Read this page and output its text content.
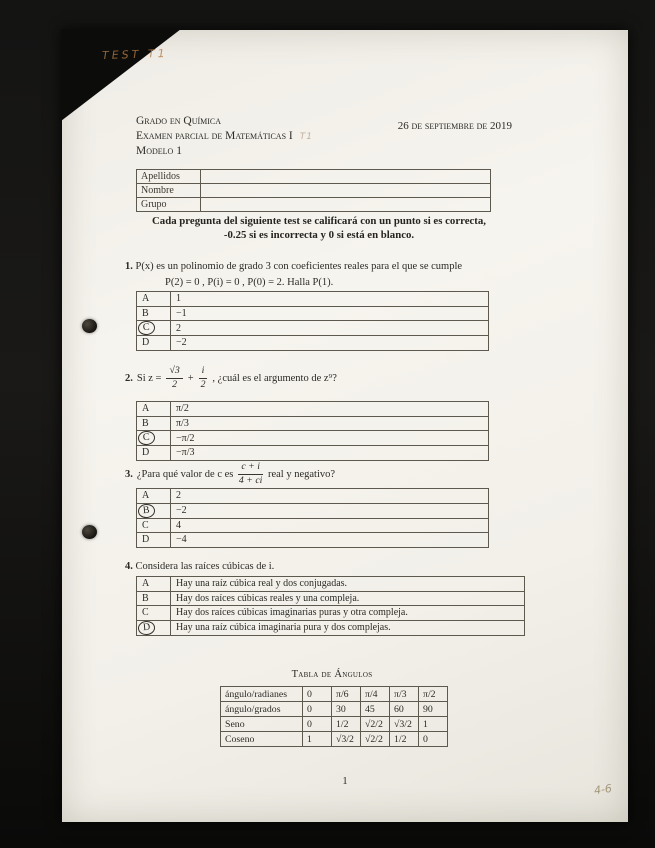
TEST T1
Grado en Química
Examen parcial de Matemáticas I T1
Modelo 1
26 de septiembre de 2019
Apellidos	
Nombre	
Grupo	
Cada pregunta del siguiente test se calificará con un punto si es correcta,
-0.25 si es incorrecta y 0 si está en blanco.
1. P(x) es un polinomio de grado 3 con coeficientes reales para el que se cumple
P(2) = 0 , P(i) = 0 , P(0) = 2. Halla P(1).
A	1
B	−1
C	2
D	−2
2. Si $z = \frac{√3}{2} + \frac{i}{2}$ , ¿cuál es el argumento de z⁹?
A	π/2
B	π/3
C	−π/2
D	−π/3
3. ¿Para qué valor de c es $\frac{c + i}{4 + ci}$ real y negativo?
A	2
B	−2
C	4
D	−4
4. Considera las raíces cúbicas de i.
A	Hay una raíz cúbica real y dos conjugadas.
B	Hay dos raíces cúbicas reales y una compleja.
C	Hay dos raíces cúbicas imaginarias puras y otra compleja.
D	Hay una raíz cúbica imaginaria pura y dos complejas.
Tabla de Ángulos
ángulo/radianes	0	π/6	π/4	π/3	π/2
ángulo/grados	0	30	45	60	90
Seno	0	1/2	√2/2	√3/2	1
Coseno	1	√3/2	√2/2	1/2	0
1
4-6
